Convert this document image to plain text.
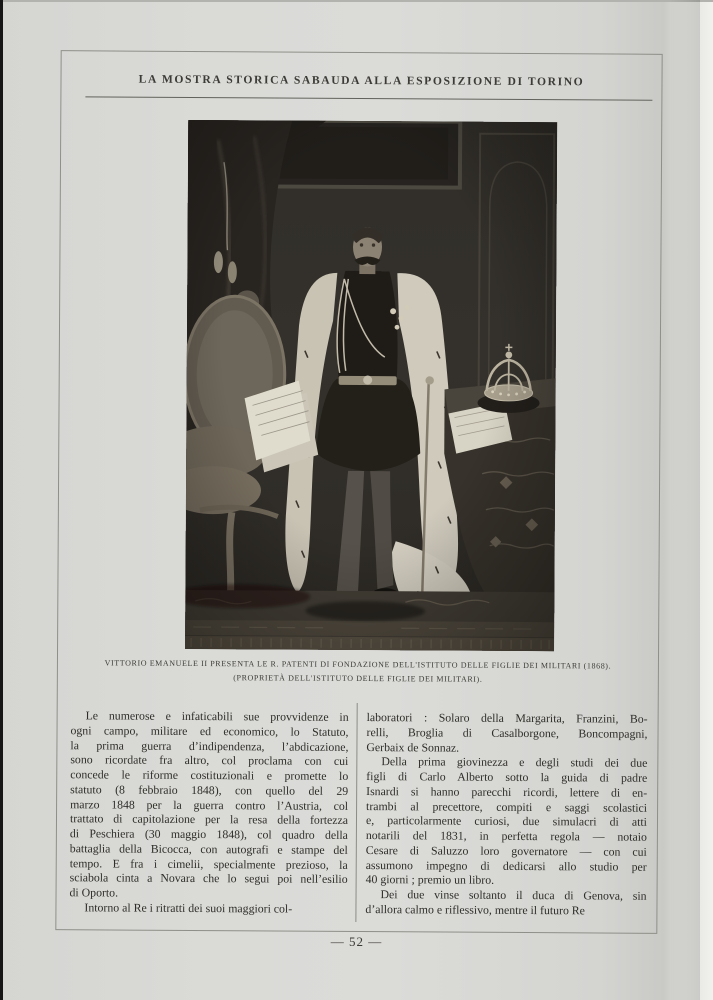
LA MOSTRA STORICA SABAUDA ALLA ESPOSIZIONE DI TORINO
VITTORIO EMANUELE II PRESENTA LE R. PATENTI DI FONDAZIONE DELL'ISTITUTO DELLE FIGLIE DEI MILITARI (1868).
(PROPRIETÀ DELL'ISTITUTO DELLE FIGLIE DEI MILITARI).
Le numerose e infaticabili sue provvidenze in
ogni campo, militare ed economico, lo Statuto,
la prima guerra d’indipendenza, l’abdicazione,
sono ricordate fra altro, col proclama con cui
concede le riforme costituzionali e promette lo
statuto (8 febbraio 1848), con quello del 29
marzo 1848 per la guerra contro l’Austria, col
trattato di capitolazione per la resa della fortezza
di Peschiera (30 maggio 1848), col quadro della
battaglia della Bicocca, con autografi e stampe del
tempo. E fra i cimelii, specialmente prezioso, la
sciabola cinta a Novara che lo segui poi nell’esilio
di Oporto.
Intorno al Re i ritratti dei suoi maggiori col-
laboratori : Solaro della Margarita, Franzini, Bo-
relli, Broglia di Casalborgone, Boncompagni,
Gerbaix de Sonnaz.
Della prima giovinezza e degli studi dei due
figli di Carlo Alberto sotto la guida di padre
Isnardi si hanno parecchi ricordi, lettere di en-
trambi al precettore, compiti e saggi scolastici
e, particolarmente curiosi, due simulacri di atti
notarili del 1831, in perfetta regola — notaio
Cesare di Saluzzo loro governatore — con cui
assumono impegno di dedicarsi allo studio per
40 giorni ; premio un libro.
Dei due vinse soltanto il duca di Genova, sin
d’allora calmo e riflessivo, mentre il futuro Re
— 52 —
